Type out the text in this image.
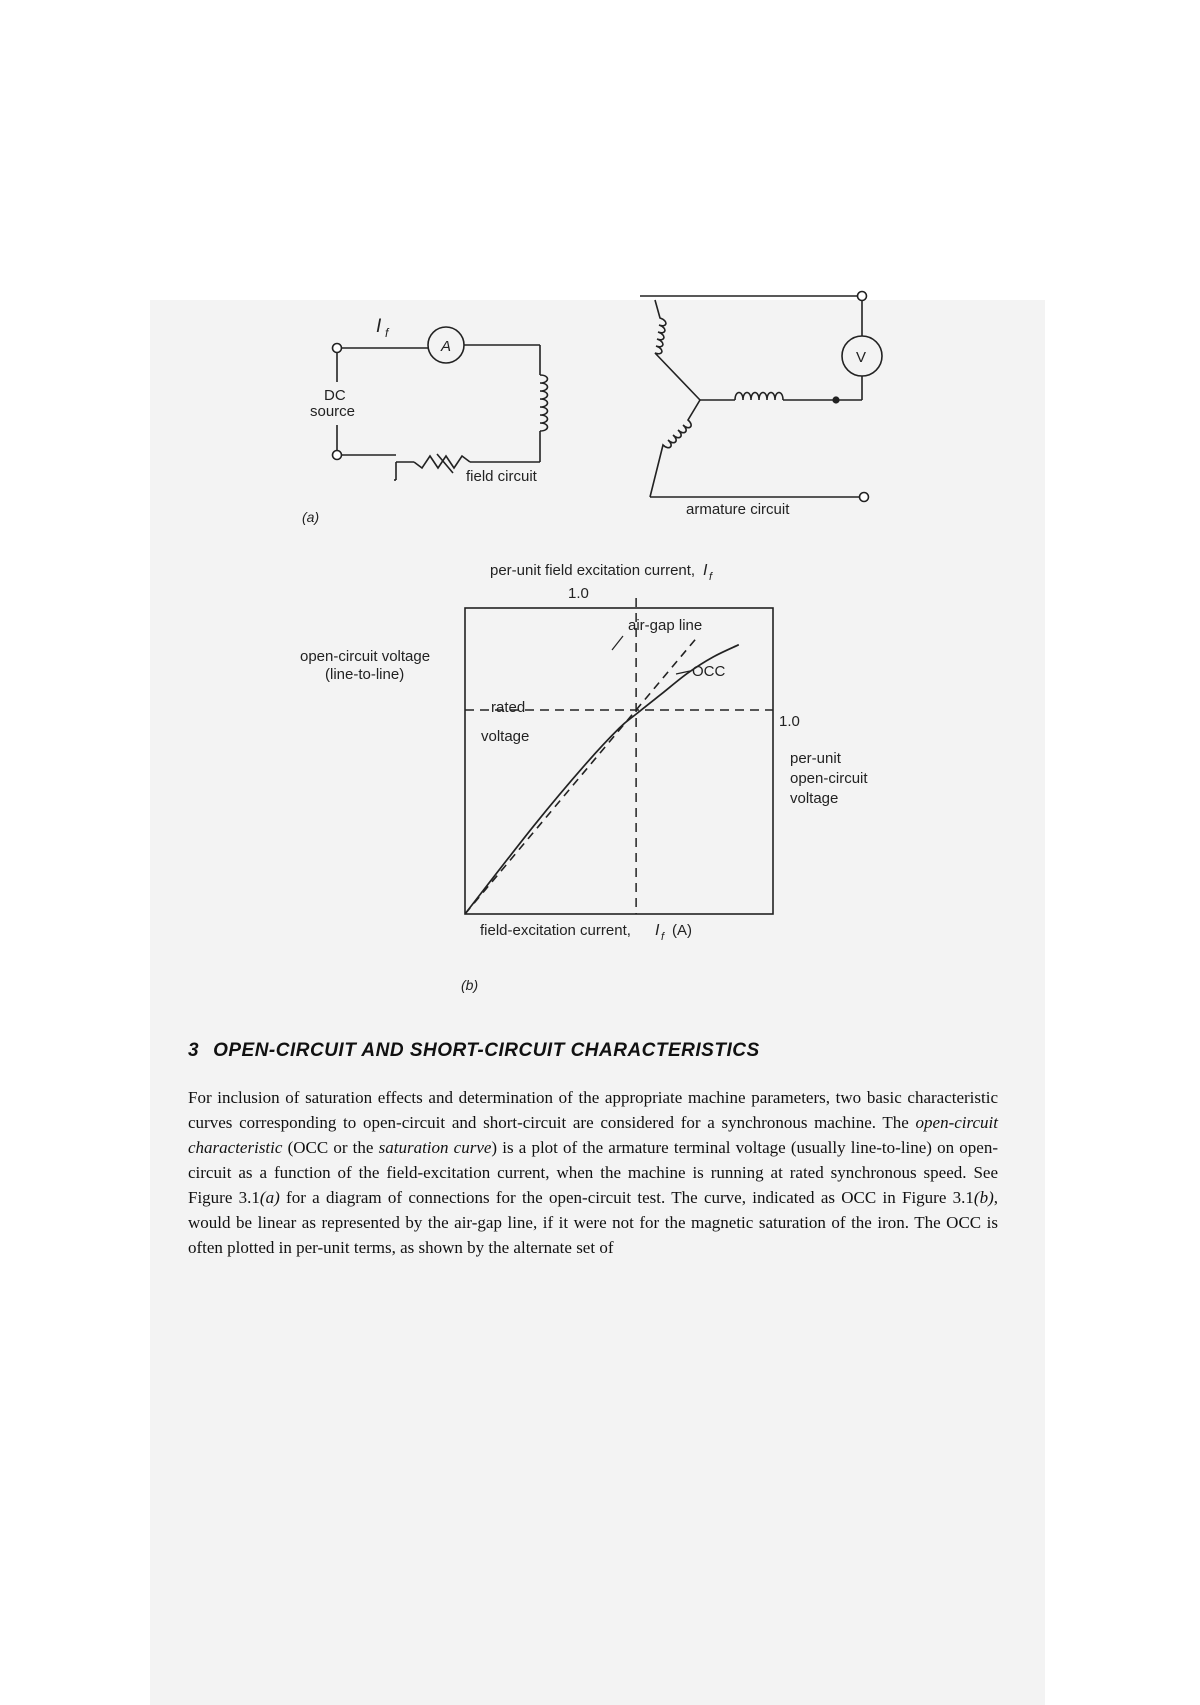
I f
A
V
DC
source
field circuit
armature circuit
(a)
per-unit field excitation current, I f
1.0
open-circuit voltage
(line-to-line)
rated
voltage
air-gap line
OCC
1.0
per-unit
open-circuit
voltage
field-excitation current, I f (A)
(b)
3 OPEN-CIRCUIT AND SHORT-CIRCUIT CHARACTERISTICS

For inclusion of saturation effects and determination of the appropriate machine parameters, two basic characteristic curves corresponding to open-circuit and short-circuit are considered for a synchronous machine. The open-circuit characteristic (OCC or the saturation curve) is a plot of the armature terminal voltage (usually line-to-line) on open-circuit as a function of the field-excitation current, when the machine is running at rated synchronous speed. See Figure 3.1(a) for a diagram of connections for the open-circuit test. The curve, indicated as OCC in Figure 3.1(b), would be linear as represented by the air-gap line, if it were not for the magnetic saturation of the iron. The OCC is often plotted in per-unit terms, as shown by the alternate set of
